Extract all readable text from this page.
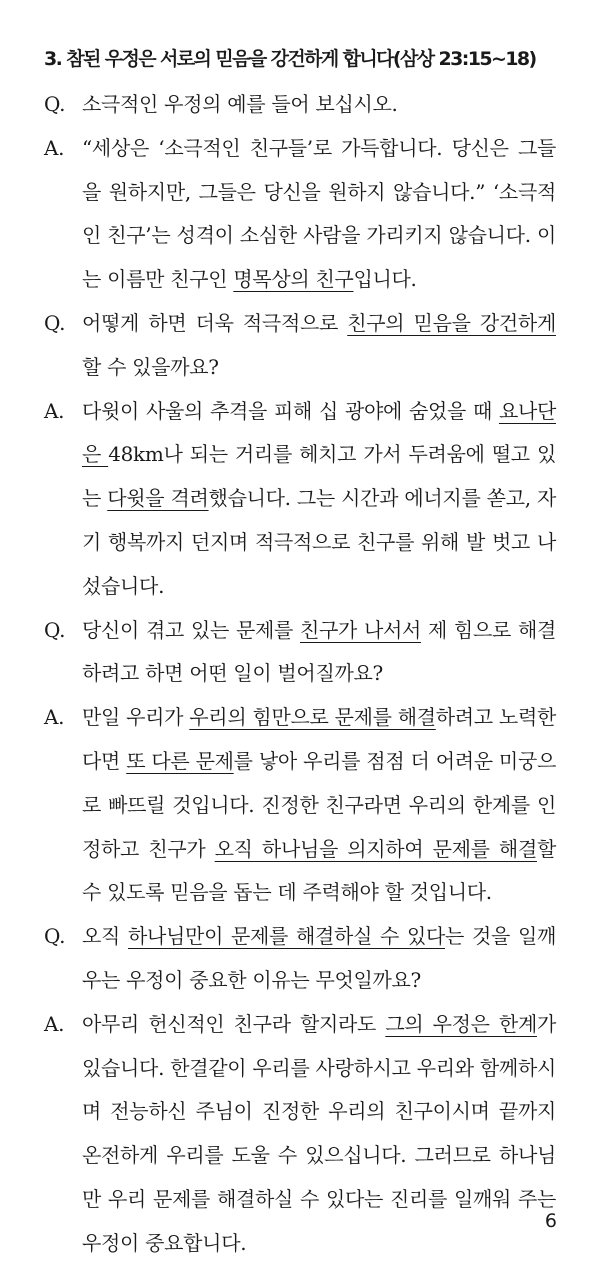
3. 참된 우정은 서로의 믿음을 강건하게 합니다(삼상 23:15~18)
Q. 소극적인 우정의 예를 들어 보십시오.
A. “세상은 ‘소극적인 친구들’로 가득합니다. 당신은 그들을 원하지만, 그들은 당신을 원하지 않습니다.” ‘소극적인 친구’는 성격이 소심한 사람을 가리키지 않습니다. 이는 이름만 친구인 명목상의 친구입니다.
Q. 어떻게 하면 더욱 적극적으로 친구의 믿음을 강건하게 할 수 있을까요?
A. 다윗이 사울의 추격을 피해 십 광야에 숨었을 때 요나단은 48km나 되는 거리를 헤치고 가서 두려움에 떨고 있는 다윗을 격려했습니다. 그는 시간과 에너지를 쏟고, 자기 행복까지 던지며 적극적으로 친구를 위해 발 벗고 나섰습니다.
Q. 당신이 겪고 있는 문제를 친구가 나서서 제 힘으로 해결하려고 하면 어떤 일이 벌어질까요?
A. 만일 우리가 우리의 힘만으로 문제를 해결하려고 노력한다면 또 다른 문제를 낳아 우리를 점점 더 어려운 미궁으로 빠뜨릴 것입니다. 진정한 친구라면 우리의 한계를 인정하고 친구가 오직 하나님을 의지하여 문제를 해결할 수 있도록 믿음을 돕는 데 주력해야 할 것입니다.
Q. 오직 하나님만이 문제를 해결하실 수 있다는 것을 일깨우는 우정이 중요한 이유는 무엇일까요?
A. 아무리 헌신적인 친구라 할지라도 그의 우정은 한계가 있습니다. 한결같이 우리를 사랑하시고 우리와 함께하시며 전능하신 주님이 진정한 우리의 친구이시며 끝까지 온전하게 우리를 도울 수 있으십니다. 그러므로 하나님만 우리 문제를 해결하실 수 있다는 진리를 일깨워 주는 우정이 중요합니다.
6
